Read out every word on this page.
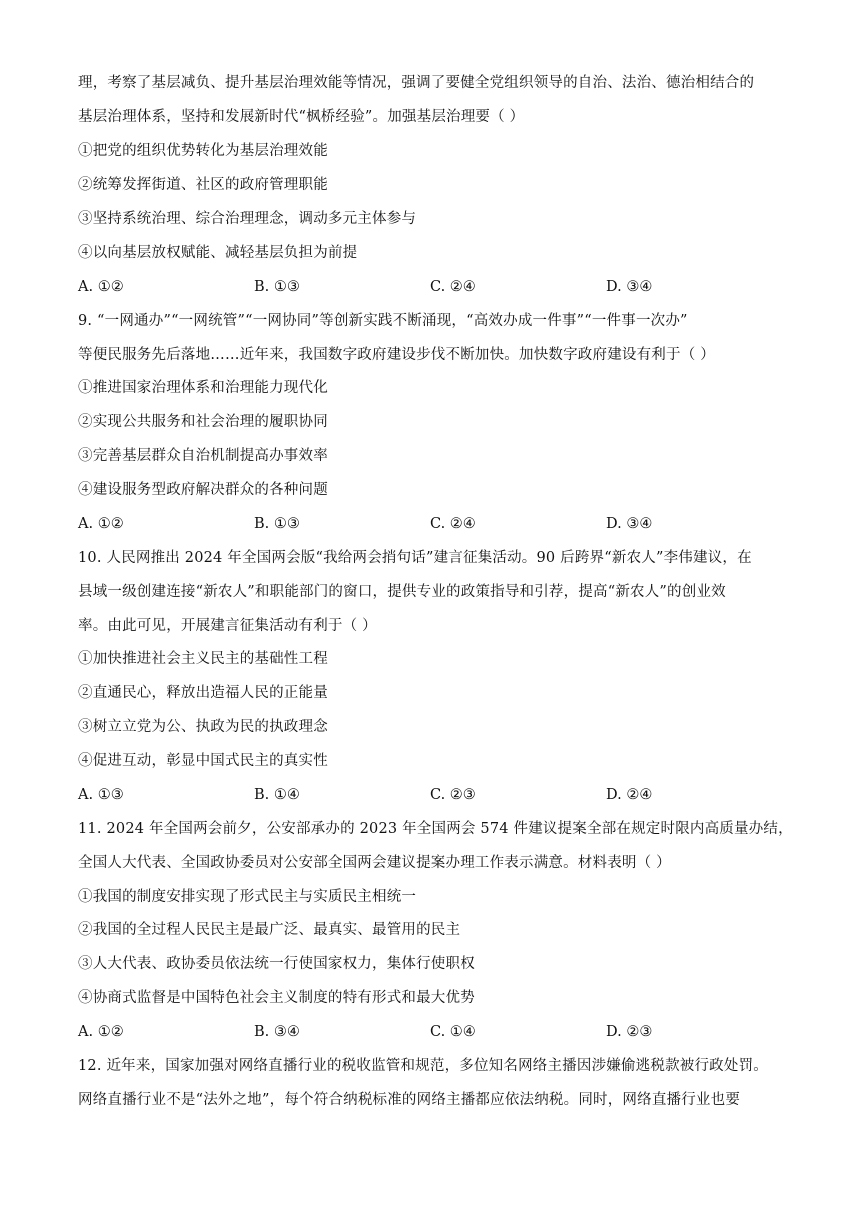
理，考察了基层减负、提升基层治理效能等情况，强调了要健全党组织领导的自治、法治、德治相结合的
基层治理体系，坚持和发展新时代“枫桥经验”。加强基层治理要（ ）
①把党的组织优势转化为基层治理效能
②统筹发挥街道、社区的政府管理职能
③坚持系统治理、综合治理理念，调动多元主体参与
④以向基层放权赋能、减轻基层负担为前提
A. ①②	B. ①③	C. ②④	D. ③④
9. “一网通办”“一网统管”“一网协同”等创新实践不断涌现，“高效办成一件事”“一件事一次办”
等便民服务先后落地……近年来，我国数字政府建设步伐不断加快。加快数字政府建设有利于（ ）
①推进国家治理体系和治理能力现代化
②实现公共服务和社会治理的履职协同
③完善基层群众自治机制提高办事效率
④建设服务型政府解决群众的各种问题
A. ①②	B. ①③	C. ②④	D. ③④
10. 人民网推出 2024 年全国两会版“我给两会捎句话”建言征集活动。90 后跨界“新农人”李伟建议，在
县域一级创建连接“新农人”和职能部门的窗口，提供专业的政策指导和引荐，提高“新农人”的创业效
率。由此可见，开展建言征集活动有利于（ ）
①加快推进社会主义民主的基础性工程
②直通民心，释放出造福人民的正能量
③树立立党为公、执政为民的执政理念
④促进互动，彰显中国式民主的真实性
A. ①③	B. ①④	C. ②③	D. ②④
11. 2024 年全国两会前夕，公安部承办的 2023 年全国两会 574 件建议提案全部在规定时限内高质量办结，
全国人大代表、全国政协委员对公安部全国两会建议提案办理工作表示满意。材料表明（ ）
①我国的制度安排实现了形式民主与实质民主相统一
②我国的全过程人民民主是最广泛、最真实、最管用的民主
③人大代表、政协委员依法统一行使国家权力，集体行使职权
④协商式监督是中国特色社会主义制度的特有形式和最大优势
A. ①②	B. ③④	C. ①④	D. ②③
12. 近年来，国家加强对网络直播行业的税收监管和规范，多位知名网络主播因涉嫌偷逃税款被行政处罚。
网络直播行业不是“法外之地”，每个符合纳税标准的网络主播都应依法纳税。同时，网络直播行业也要
